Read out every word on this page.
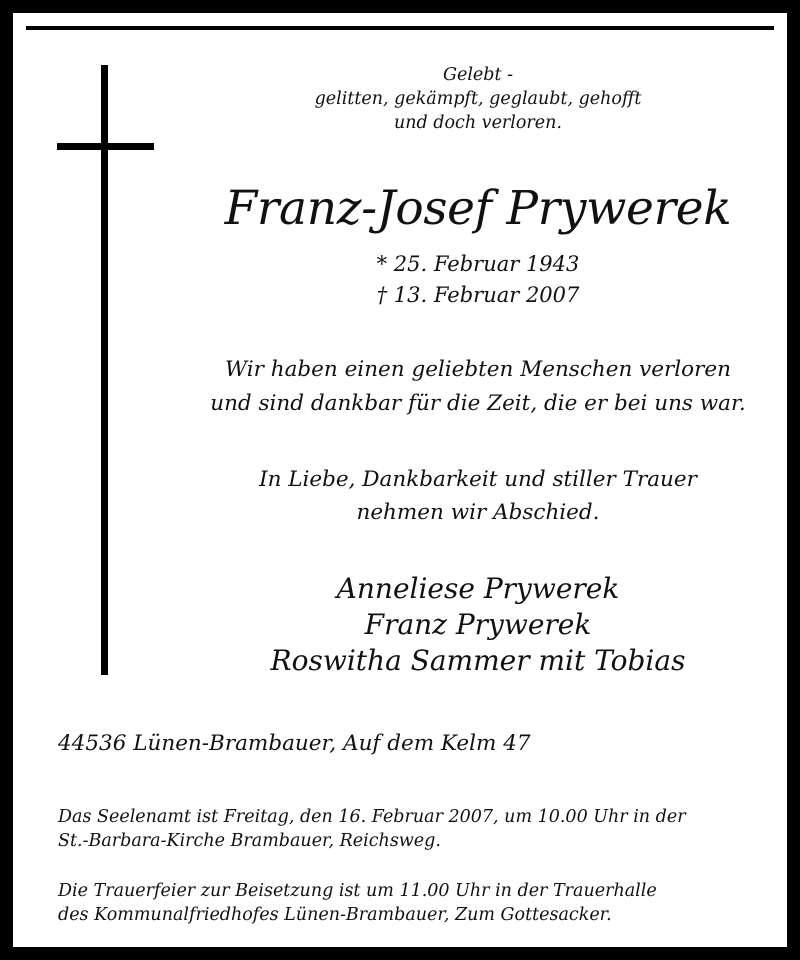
Gelebt -
gelitten, gekämpft, geglaubt, gehofft
und doch verloren.
Franz-Josef Prywerek
* 25. Februar 1943
† 13. Februar 2007
Wir haben einen geliebten Menschen verloren
und sind dankbar für die Zeit, die er bei uns war.
In Liebe, Dankbarkeit und stiller Trauer
nehmen wir Abschied.
Anneliese Prywerek
Franz Prywerek
Roswitha Sammer mit Tobias
44536 Lünen-Brambauer, Auf dem Kelm 47
Das Seelenamt ist Freitag, den 16. Februar 2007, um 10.00 Uhr in der
St.-Barbara-Kirche Brambauer, Reichsweg.
Die Trauerfeier zur Beisetzung ist um 11.00 Uhr in der Trauerhalle
des Kommunalfriedhofes Lünen-Brambauer, Zum Gottesacker.
